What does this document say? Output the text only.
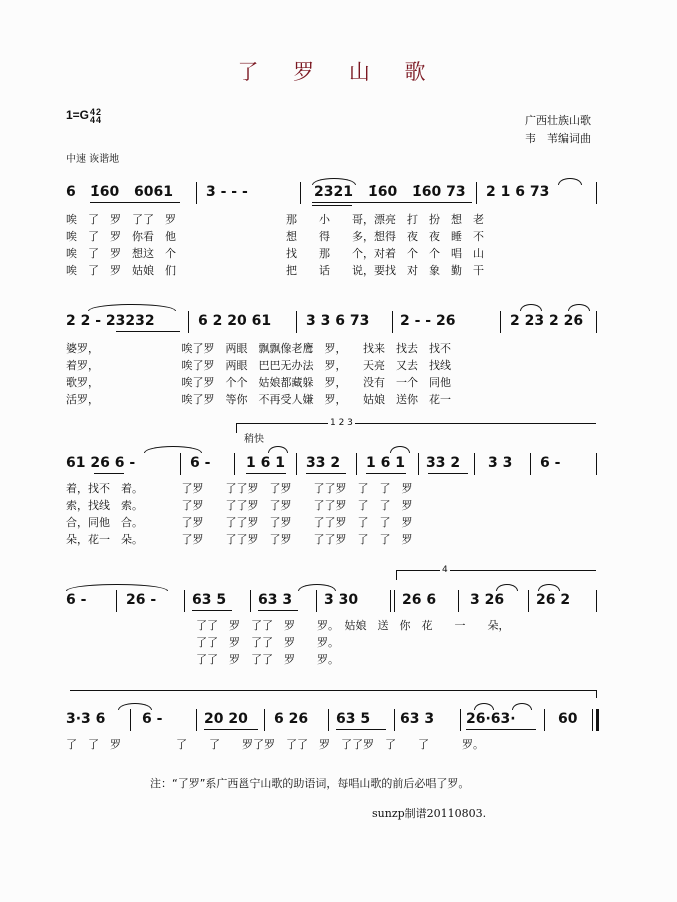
了 罗 山 歌
1=G 4
4
2
4	广西壮族山歌
韦　苇编词曲
中速 诙谐地
6 1̇60 6061 3 - - -	2321 1̇60 1̇60 73 2 1 6 73
唉　了　罗　了了　罗　　　　　　　　　　那　　小　　哥，漂亮　打　扮　想　老
唉　了　罗　你看　他　　　　　　　　　　想　　得　　多，想得　夜　夜　睡　不
唉　了　罗　想这　个　　　　　　　　　　找　　那　　个，对着　个　个　唱　山
唉　了　罗　姑娘　们　　　　　　　　　　把　　话　　说，要找　对　象　勤　干
2 2 - 23232	6 2 20 61 3 3 6 73 2 - - 26	2 23 2 26
婆罗，　　　　　　　　唉了罗　两眼　飘飘像老鹰　罗，　　找来　找去　找不
着罗，　　　　　　　　唉了罗　两眼　巴巴无办法　罗，　　天亮　又去　找线
歌罗，　　　　　　　　唉了罗　个个　姑娘都藏躲　罗，　　没有　一个　同他
活罗，　　　　　　　　唉了罗　等你　不再受人嫌　罗，　　姑娘　送你　花一
1 2 3
稍快
61 26 6 -	6 -	1 6 1 33 2 1 6 1 33 2 3 3 6 -
着，找不　着。　　　　了罗　　了了罗　了罗　　了了罗　了　了　罗
索，找线　索。　　　　了罗　　了了罗　了罗　　了了罗　了　了　罗
合，同他　合。　　　　了罗　　了了罗　了罗　　了了罗　了　了　罗
朵，花一　朵。　　　　了罗　　了了罗　了罗　　了了罗　了　了　罗
4
6 -	26 -	63 5 63 3 3 30	26 6 3 26 26 2
了了　罗　了了　罗　　罗。　姑娘　送　你　花　　一　　朵，
了了　罗　了了　罗　　罗。
了了　罗　了了　罗　　罗。
3·3 6	6 -	20 20 6 26 63 5 63 3 26·63·	60
了　了　罗　　　　　了　　了　　罗了罗　了了　罗　了了罗　了　　了　　　罗。
注：“了罗”系广西邕宁山歌的助语词，每唱山歌的前后必唱了罗。
sunzp制谱20110803.
